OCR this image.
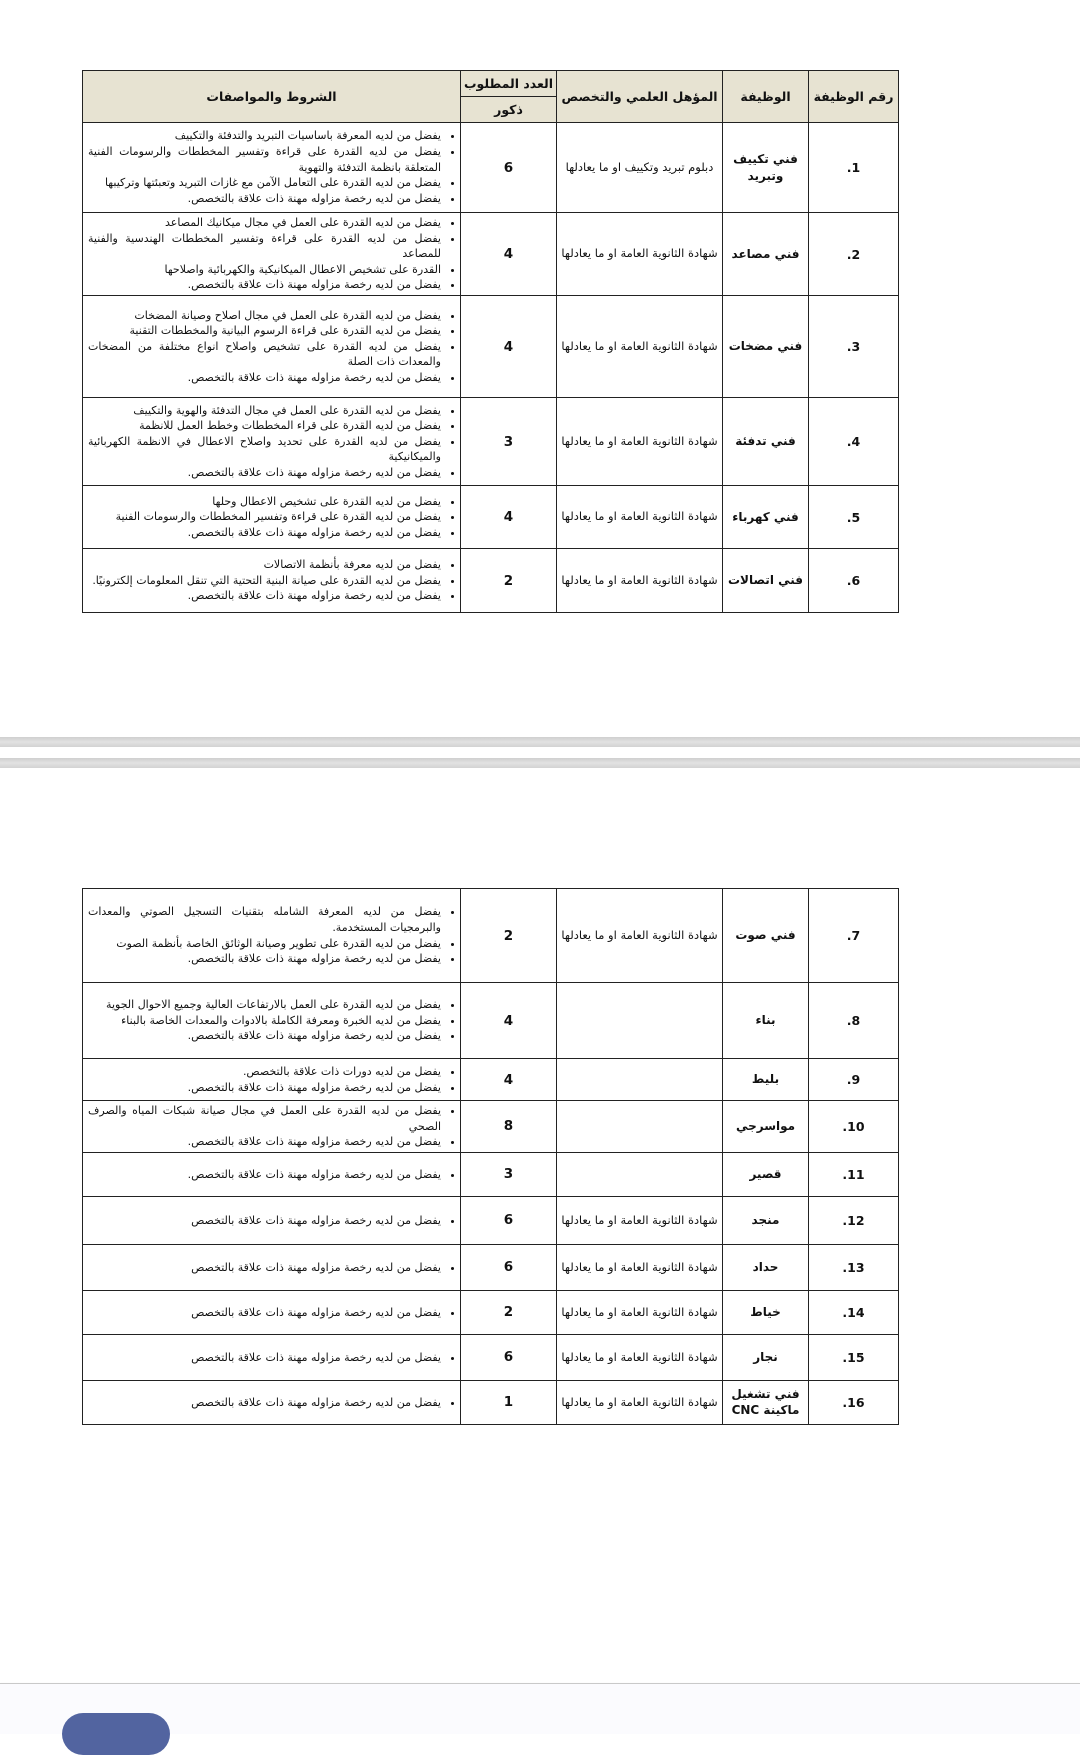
رقم الوظيفة	الوظيفة	المؤهل العلمي والتخصص	العدد المطلوب
ذكور	الشروط والمواصفات
.1	فني تكييف وتبريد	دبلوم تبريد وتكييف او ما يعادلها	6	
• يفضل من لديه المعرفة باساسيات التبريد والتدفئة والتكييف
• يفضل من لديه القدرة على قراءة وتفسير المخططات والرسومات الفنية المتعلقة بانظمة التدفئة والتهوية
• يفضل من لديه القدرة على التعامل الآمن مع غازات التبريد وتعبئتها وتركيبها
• يفضل من لديه رخصة مزاوله مهنة ذات علاقة بالتخصص.

.2	فني مصاعد	شهادة الثانوية العامة او ما يعادلها	4	
• يفضل من لديه القدرة على العمل في مجال ميكانيك المصاعد
• يفضل من لديه القدرة على قراءة وتفسير المخططات الهندسية والفنية للمصاعد
• القدرة على تشخيص الاعطال الميكانيكية والكهربائية واصلاحها
• يفضل من لديه رخصة مزاوله مهنة ذات علاقة بالتخصص.

.3	فني مضخات	شهادة الثانوية العامة او ما يعادلها	4	
• يفضل من لديه القدرة على العمل في مجال اصلاح وصيانة المضخات
• يفضل من لديه القدرة على قراءة الرسوم البيانية والمخططات التقنية
• يفضل من لديه القدرة على تشخيص واصلاح انواع مختلفة من المضخات والمعدات ذات الصلة
• يفضل من لديه رخصة مزاوله مهنة ذات علاقة بالتخصص.

.4	فني تدفئة	شهادة الثانوية العامة او ما يعادلها	3	
• يفضل من لديه القدرة على العمل في مجال التدفئة والهوية والتكييف
• يفضل من لديه القدرة على قراء المخططات وخطط العمل للانظمة
• يفضل من لديه القدرة على تحديد واصلاح الاعطال في الانظمة الكهربائية والميكانيكية
• يفضل من لديه رخصة مزاوله مهنة ذات علاقة بالتخصص.

.5	فني كهرباء	شهادة الثانوية العامة او ما يعادلها	4	
• يفضل من لديه القدرة على تشخيص الاعطال وحلها
• يفضل من لديه القدرة على قراءة وتفسير المخططات والرسومات الفنية
• يفضل من لديه رخصة مزاوله مهنة ذات علاقة بالتخصص.

.6	فني اتصالات	شهادة الثانوية العامة او ما يعادلها	2	
• يفضل من لديه معرفة بأنظمة الاتصالات
• يفضل من لديه القدرة على صيانة البنية التحتية التي تنقل المعلومات إلكترونيًا.
• يفضل من لديه رخصة مزاوله مهنة ذات علاقة بالتخصص.
.7	فني صوت	شهادة الثانوية العامة او ما يعادلها	2	
• يفضل من لديه المعرفة الشامله بتقنيات التسجيل الصوتي والمعدات والبرمجيات المستخدمة.
• يفضل من لديه القدرة على تطوير وصيانة الوثائق الخاصة بأنظمة الصوت
• يفضل من لديه رخصة مزاوله مهنة ذات علاقة بالتخصص.

.8	بناء		4	
• يفضل من لديه القدرة على العمل بالارتفاعات العالية وجميع الاحوال الجوية
• يفضل من لديه الخبرة ومعرفة الكاملة بالادوات والمعدات الخاصة بالبناء
• يفضل من لديه رخصة مزاوله مهنة ذات علاقة بالتخصص.

.9	بليط		4	
• يفضل من لديه دورات ذات علاقة بالتخصص.
• يفضل من لديه رخصة مزاوله مهنة ذات علاقة بالتخصص.

.10	مواسرجي		8	
• يفضل من لديه القدرة على العمل في مجال صيانة شبكات المياه والصرف الصحي
• يفضل من لديه رخصة مزاوله مهنة ذات علاقة بالتخصص.

.11	قصير		3	
• يفضل من لديه رخصة مزاوله مهنة ذات علاقة بالتخصص.

.12	منجد	شهادة الثانوية العامة او ما يعادلها	6	
• يفضل من لديه رخصة مزاوله مهنة ذات علاقة بالتخصص

.13	حداد	شهادة الثانوية العامة او ما يعادلها	6	
• يفضل من لديه رخصة مزاوله مهنة ذات علاقة بالتخصص

.14	خياط	شهادة الثانوية العامة او ما يعادلها	2	
• يفضل من لديه رخصة مزاوله مهنة ذات علاقة بالتخصص

.15	نجار	شهادة الثانوية العامة او ما يعادلها	6	
• يفضل من لديه رخصة مزاوله مهنة ذات علاقة بالتخصص

.16	فني تشغيل ماكينة CNC	شهادة الثانوية العامة او ما يعادلها	1	
• يفضل من لديه رخصة مزاوله مهنة ذات علاقة بالتخصص
